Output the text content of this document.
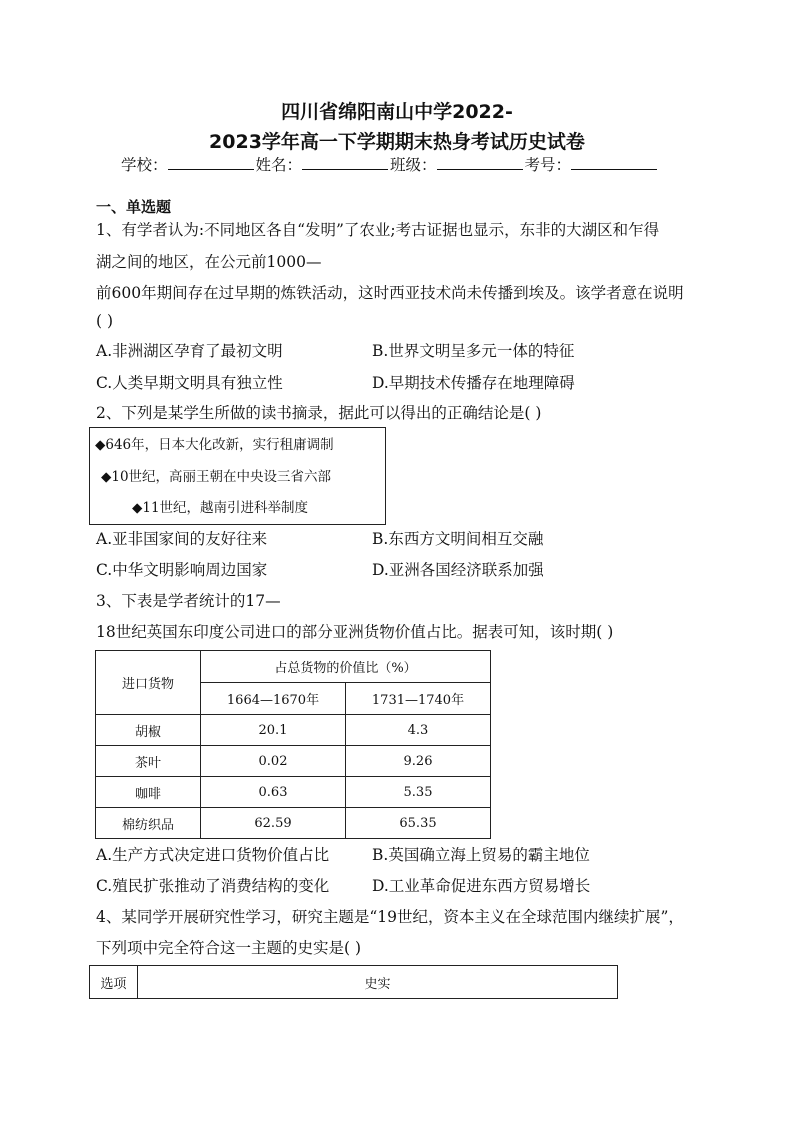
四川省绵阳南山中学2022-
2023学年高一下学期期末热身考试历史试卷
学校：	姓名：	班级：	考号：
一、单选题
1、有学者认为:不同地区各自“发明”了农业;考古证据也显示，东非的大湖区和乍得
湖之间的地区，在公元前1000—
前600年期间存在过早期的炼铁活动，这时西亚技术尚未传播到埃及。该学者意在说明
( )
A.非洲湖区孕育了最初文明	B.世界文明呈多元一体的特征
C.人类早期文明具有独立性	D.早期技术传播存在地理障碍
2、下列是某学生所做的读书摘录，据此可以得出的正确结论是( )
◆646年，日本大化改新，实行租庸调制
◆10世纪，高丽王朝在中央设三省六部
◆11世纪，越南引进科举制度
A.亚非国家间的友好往来	B.东西方文明间相互交融
C.中华文明影响周边国家	D.亚洲各国经济联系加强
3、下表是学者统计的17—
18世纪英国东印度公司进口的部分亚洲货物价值占比。据表可知，该时期( )
进口货物	占总货物的价值比（%）	
	1664—1670年	1731—1740年
胡椒	20.1	4.3
茶叶	0.02	9.26
咖啡	0.63	5.35
棉纺织品	62.59	65.35
A.生产方式决定进口货物价值占比	B.英国确立海上贸易的霸主地位
C.殖民扩张推动了消费结构的变化	D.工业革命促进东西方贸易增长
4、某同学开展研究性学习，研究主题是“19世纪，资本主义在全球范围内继续扩展”，
下列项中完全符合这一主题的史实是( )
选项	史实
